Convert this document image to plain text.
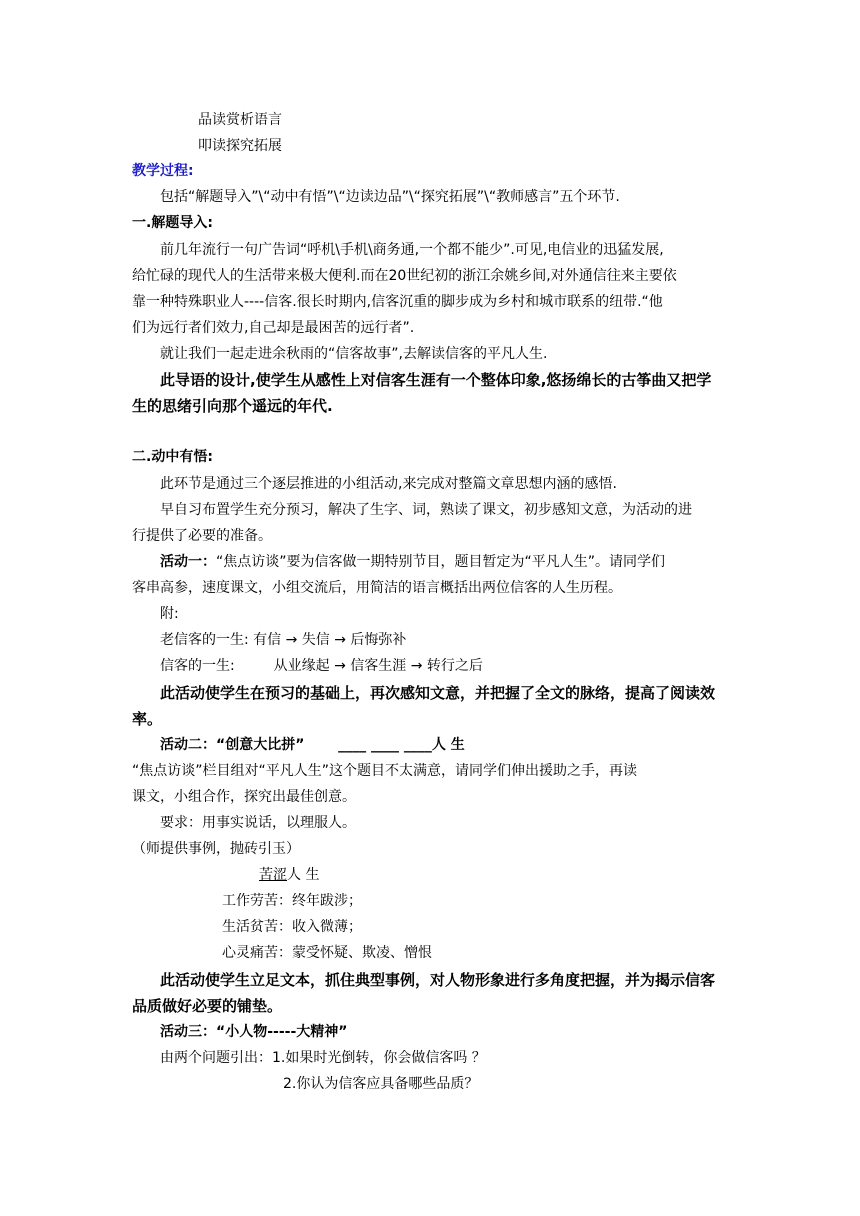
品读赏析语言
叩读探究拓展
教学过程:
包括“解题导入”\“动中有悟”\“边读边品”\“探究拓展”\“教师感言”五个环节.
一.解题导入:
前几年流行一句广告词“呼机\手机\商务通,一个都不能少”.可见,电信业的迅猛发展,
给忙碌的现代人的生活带来极大便利.而在20世纪初的浙江余姚乡间,对外通信往来主要依
靠一种特殊职业人----信客.很长时期内,信客沉重的脚步成为乡村和城市联系的纽带.“他
们为远行者们效力,自己却是最困苦的远行者”.
就让我们一起走进余秋雨的“信客故事”,去解读信客的平凡人生.
此导语的设计,使学生从感性上对信客生涯有一个整体印象,悠扬绵长的古筝曲又把学
生的思绪引向那个遥远的年代.
二.动中有悟:
此环节是通过三个逐层推进的小组活动,来完成对整篇文章思想内涵的感悟.
早自习布置学生充分预习，解决了生字、词，熟读了课文，初步感知文意，为活动的进
行提供了必要的准备。
活动一：“焦点访谈”要为信客做一期特别节目，题目暂定为“平凡人生”。请同学们
客串高参，速度课文，小组交流后，用简洁的语言概括出两位信客的人生历程。
附:
老信客的一生: 有信 → 失信 → 后悔弥补
信客的一生:	从业缘起 → 信客生涯 → 转行之后
此活动使学生在预习的基础上，再次感知文意，并把握了全文的脉络，提高了阅读效
率。
活动二：“创意大比拼” ____ ____ ____人 生
“焦点访谈”栏目组对“平凡人生”这个题目不太满意，请同学们伸出援助之手，再读
课文，小组合作，探究出最佳创意。
要求：用事实说话，以理服人。
（师提供事例，抛砖引玉）
苦涩人 生
工作劳苦：终年跋涉；
生活贫苦：收入微薄；
心灵痛苦：蒙受怀疑、欺凌、憎恨
此活动使学生立足文本，抓住典型事例，对人物形象进行多角度把握，并为揭示信客
品质做好必要的铺垫。
活动三：“小人物-----大精神”
由两个问题引出：1.如果时光倒转，你会做信客吗 ？
2.你认为信客应具备哪些品质？
